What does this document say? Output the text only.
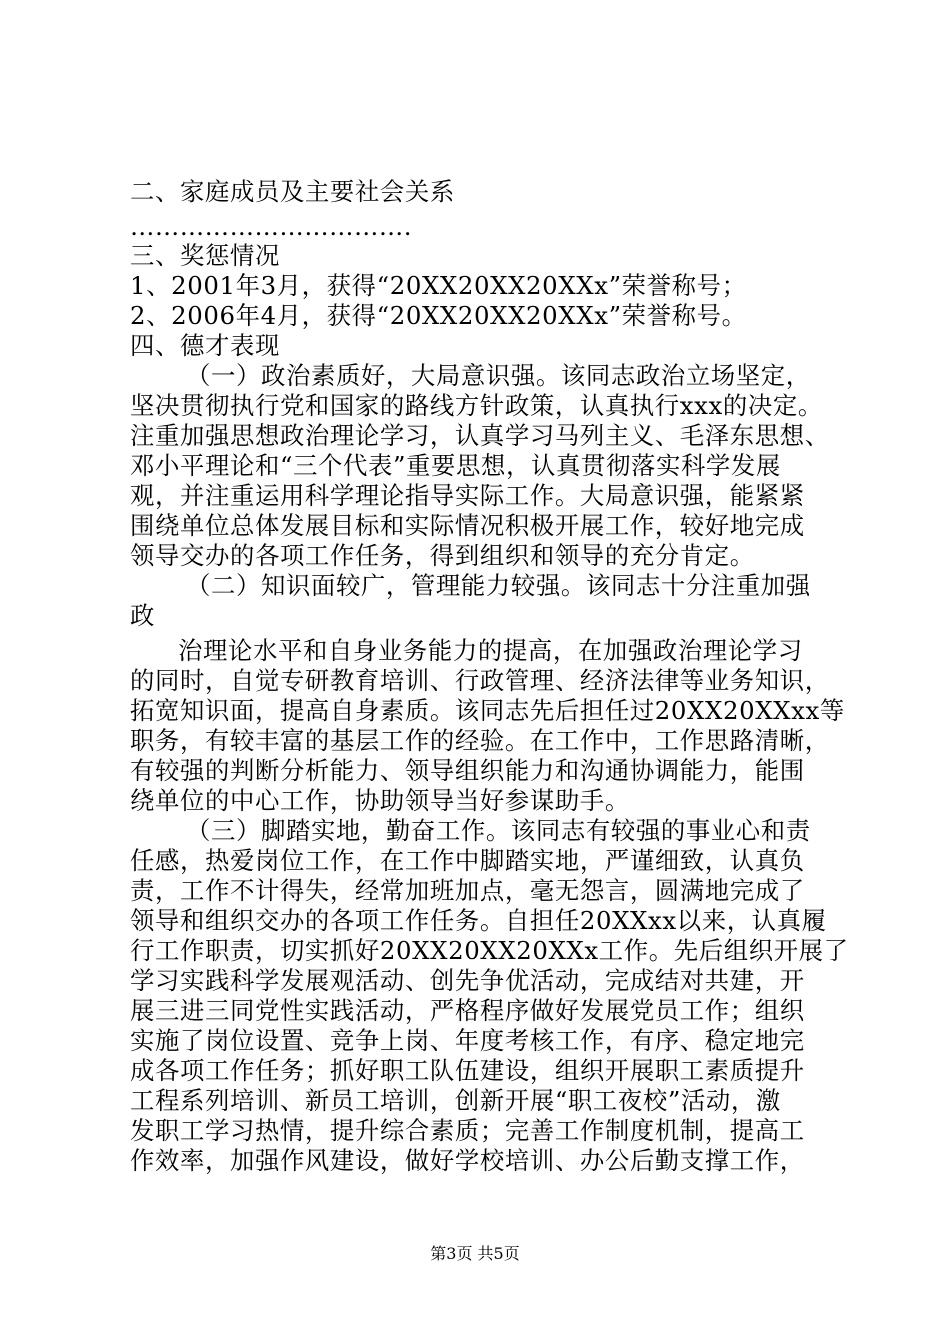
二、家庭成员及主要社会关系
…………………………….
三、奖惩情况
1、2001年3月，获得“20XX20XX20XXx”荣誉称号；
2、2006年4月，获得“20XX20XX20XXx”荣誉称号。
四、德才表现
（一）政治素质好，大局意识强。该同志政治立场坚定，
坚决贯彻执行党和国家的路线方针政策，认真执行xxx的决定。
注重加强思想政治理论学习，认真学习马列主义、毛泽东思想、
邓小平理论和“三个代表”重要思想，认真贯彻落实科学发展
观，并注重运用科学理论指导实际工作。大局意识强，能紧紧
围绕单位总体发展目标和实际情况积极开展工作，较好地完成
领导交办的各项工作任务，得到组织和领导的充分肯定。
（二）知识面较广，管理能力较强。该同志十分注重加强
政
治理论水平和自身业务能力的提高，在加强政治理论学习
的同时，自觉专研教育培训、行政管理、经济法律等业务知识，
拓宽知识面，提高自身素质。该同志先后担任过20XX20XXxx等
职务，有较丰富的基层工作的经验。在工作中，工作思路清晰，
有较强的判断分析能力、领导组织能力和沟通协调能力，能围
绕单位的中心工作，协助领导当好参谋助手。
（三）脚踏实地，勤奋工作。该同志有较强的事业心和责
任感，热爱岗位工作，在工作中脚踏实地，严谨细致，认真负
责，工作不计得失，经常加班加点，毫无怨言，圆满地完成了
领导和组织交办的各项工作任务。自担任20XXxx以来，认真履
行工作职责，切实抓好20XX20XX20XXx工作。先后组织开展了
学习实践科学发展观活动、创先争优活动，完成结对共建，开
展三进三同党性实践活动，严格程序做好发展党员工作；组织
实施了岗位设置、竞争上岗、年度考核工作，有序、稳定地完
成各项工作任务；抓好职工队伍建设，组织开展职工素质提升
工程系列培训、新员工培训，创新开展“职工夜校”活动，激
发职工学习热情，提升综合素质；完善工作制度机制，提高工
作效率，加强作风建设，做好学校培训、办公后勤支撑工作，
第3页 共5页
